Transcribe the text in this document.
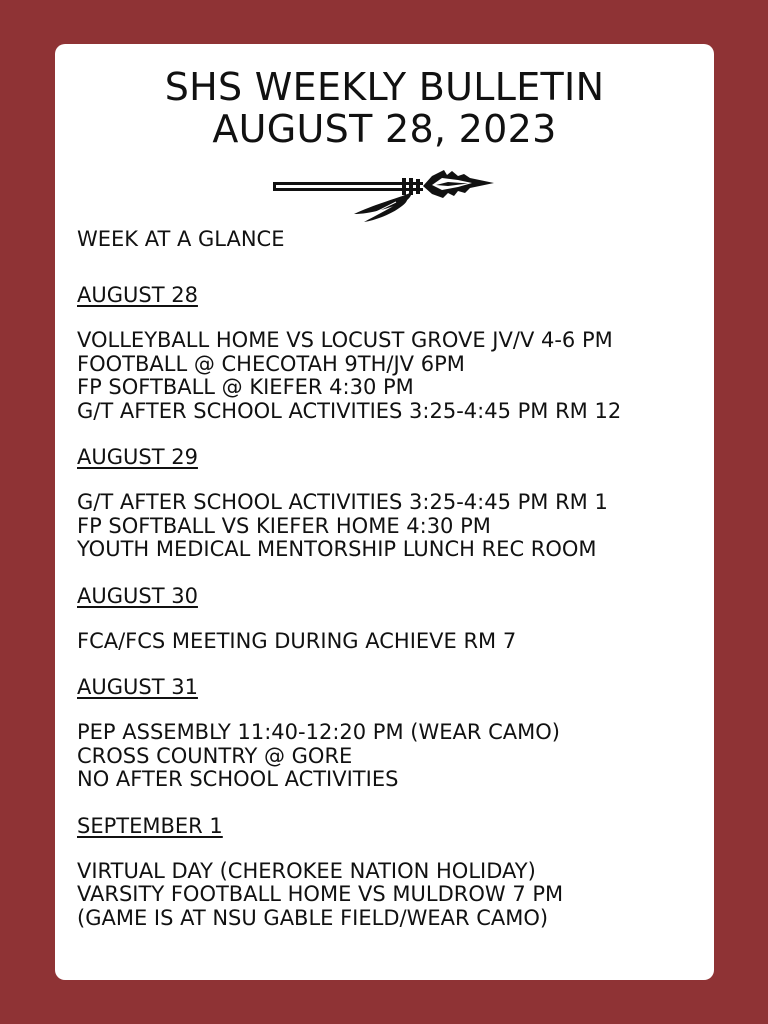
SHS WEEKLY BULLETIN
AUGUST 28, 2023
WEEK AT A GLANCE
AUGUST 28
VOLLEYBALL HOME VS LOCUST GROVE JV/V 4-6 PM
FOOTBALL @ CHECOTAH 9TH/JV 6PM
FP SOFTBALL @ KIEFER 4:30 PM
G/T AFTER SCHOOL ACTIVITIES 3:25-4:45 PM RM 12
AUGUST 29
G/T AFTER SCHOOL ACTIVITIES 3:25-4:45 PM RM 1
FP SOFTBALL VS KIEFER HOME 4:30 PM
YOUTH MEDICAL MENTORSHIP LUNCH REC ROOM
AUGUST 30
FCA/FCS MEETING DURING ACHIEVE RM 7
AUGUST 31
PEP ASSEMBLY 11:40-12:20 PM (WEAR CAMO)
CROSS COUNTRY @ GORE
NO AFTER SCHOOL ACTIVITIES
SEPTEMBER 1
VIRTUAL DAY (CHEROKEE NATION HOLIDAY)
VARSITY FOOTBALL HOME VS MULDROW 7 PM
(GAME IS AT NSU GABLE FIELD/WEAR CAMO)
